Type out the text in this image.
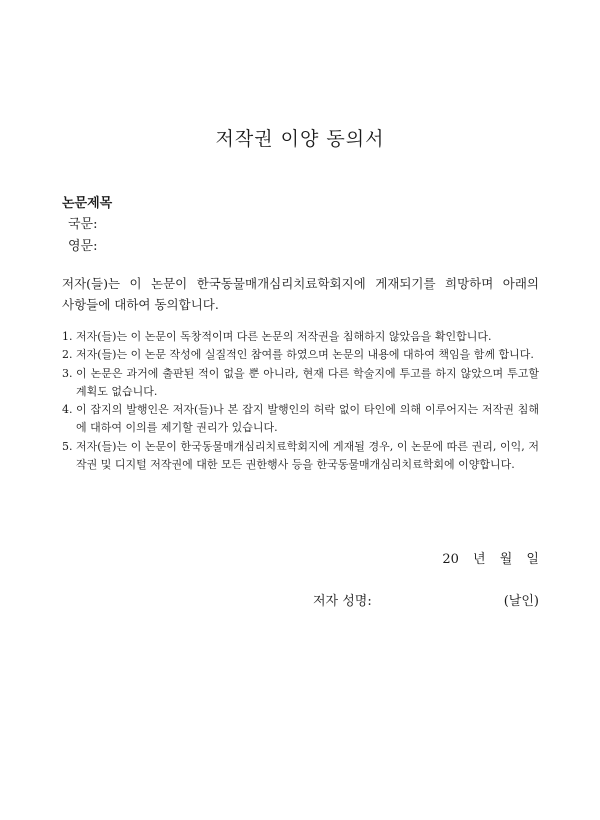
저작권 이양 동의서
논문제목
국문:
영문:
저자(들)는 이 논문이 한국동물매개심리치료학회지에 게재되기를 희망하며 아래의
사항들에 대하여 동의합니다.
1. 저자(들)는 이 논문이 독창적이며 다른 논문의 저작권을 침해하지 않았음을 확인합니다.
2. 저자(들)는 이 논문 작성에 실질적인 참여를 하였으며 논문의 내용에 대하여 책임을 함께 합니다.
3. 이 논문은 과거에 출판된 적이 없을 뿐 아니라, 현재 다른 학술지에 투고를 하지 않았으며 투고할 계획도 없습니다.
4. 이 잡지의 발행인은 저자(들)나 본 잡지 발행인의 허락 없이 타인에 의해 이루어지는 저작권 침해에 대하여 이의를 제기할 권리가 있습니다.
5. 저자(들)는 이 논문이 한국동물매개심리치료학회지에 게재될 경우, 이 논문에 따른 권리, 이익, 저작권 및 디지털 저작권에 대한 모든 권한행사 등을 한국동물매개심리치료학회에 이양합니다.
20 년 월 일
저자 성명:	(날인)
